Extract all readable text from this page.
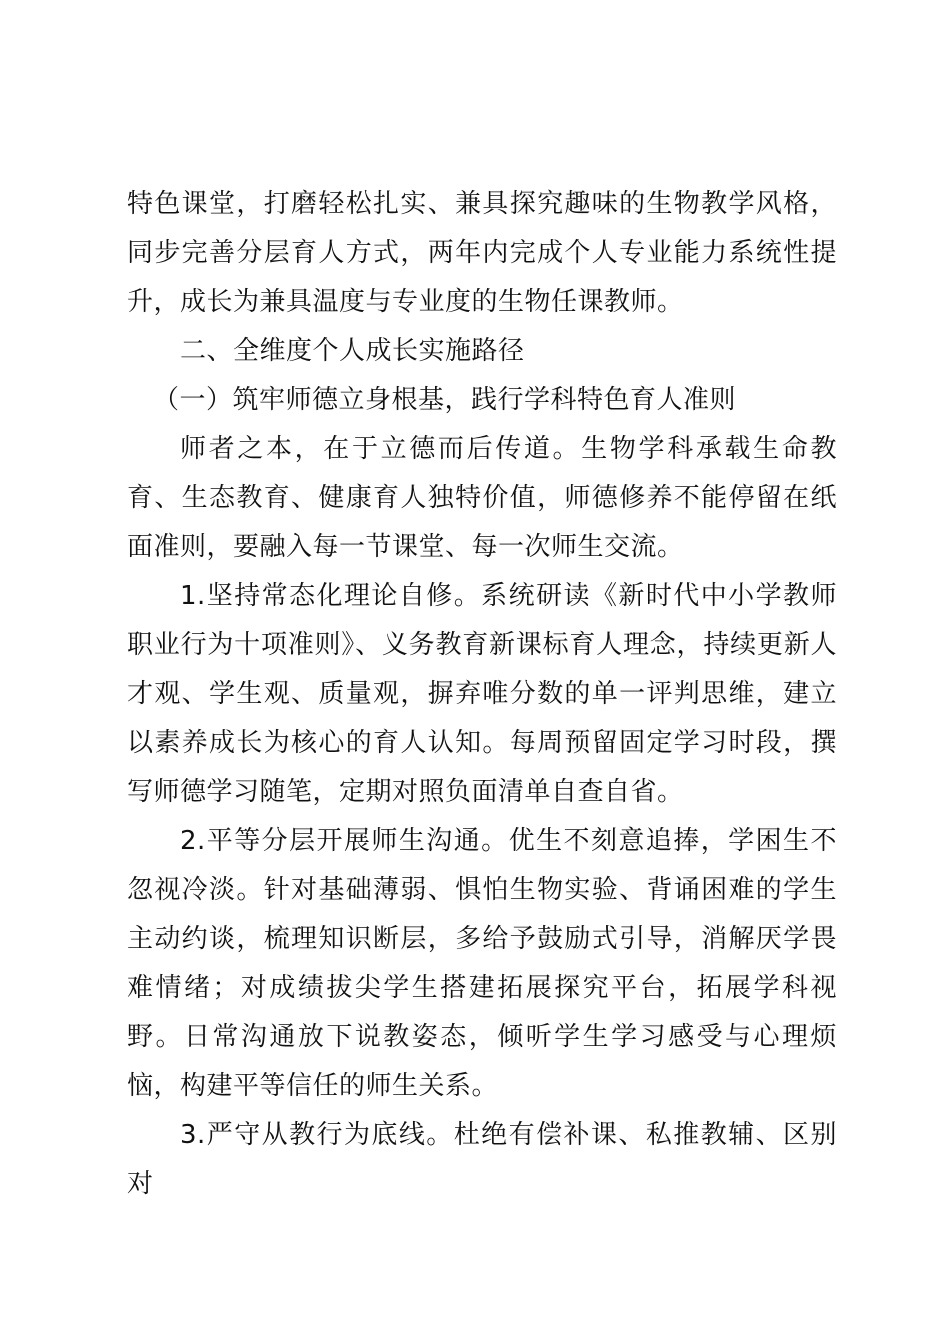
特色课堂，打磨轻松扎实、兼具探究趣味的生物教学风格，同步完善分层育人方式，两年内完成个人专业能力系统性提升，成长为兼具温度与专业度的生物任课教师。

二、全维度个人成长实施路径

（一）筑牢师德立身根基，践行学科特色育人准则

师者之本，在于立德而后传道。生物学科承载生命教育、生态教育、健康育人独特价值，师德修养不能停留在纸面准则，要融入每一节课堂、每一次师生交流。

1.坚持常态化理论自修。系统研读《新时代中小学教师职业行为十项准则》、义务教育新课标育人理念，持续更新人才观、学生观、质量观，摒弃唯分数的单一评判思维，建立以素养成长为核心的育人认知。每周预留固定学习时段，撰写师德学习随笔，定期对照负面清单自查自省。

2.平等分层开展师生沟通。优生不刻意追捧，学困生不忽视冷淡。针对基础薄弱、惧怕生物实验、背诵困难的学生主动约谈，梳理知识断层，多给予鼓励式引导，消解厌学畏难情绪；对成绩拔尖学生搭建拓展探究平台，拓展学科视野。日常沟通放下说教姿态，倾听学生学习感受与心理烦恼，构建平等信任的师生关系。

3.严守从教行为底线。杜绝有偿补课、私推教辅、区别对
